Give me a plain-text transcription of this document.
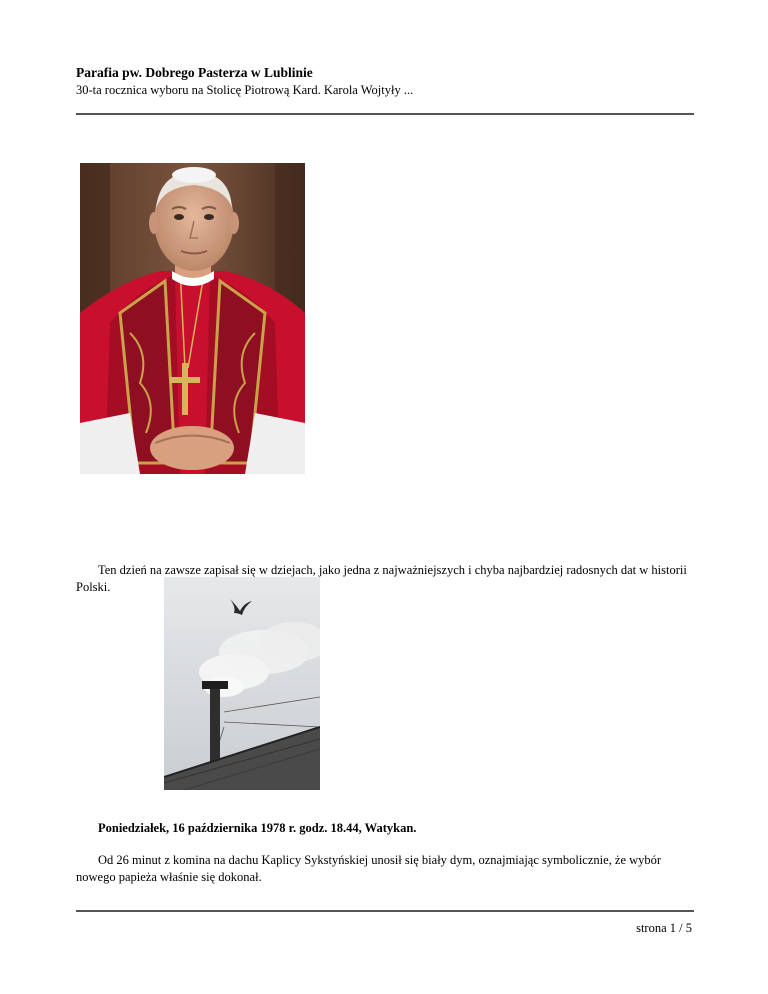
Parafia pw. Dobrego Pasterza w Lublinie
30-ta rocznica wyboru na Stolicę Piotrową Kard. Karola Wojtyły ...
Ten dzień na zawsze zapisał się w dziejach, jako jedna z najważniejszych i chyba najbardziej radosnych dat w historii Polski.
Poniedziałek, 16 października 1978 r. godz. 18.44, Watykan.
Od 26 minut z komina na dachu Kaplicy Sykstyńskiej unosił się biały dym, oznajmiając symbolicznie, że wybór nowego papieża właśnie się dokonał.
strona 1 / 5
